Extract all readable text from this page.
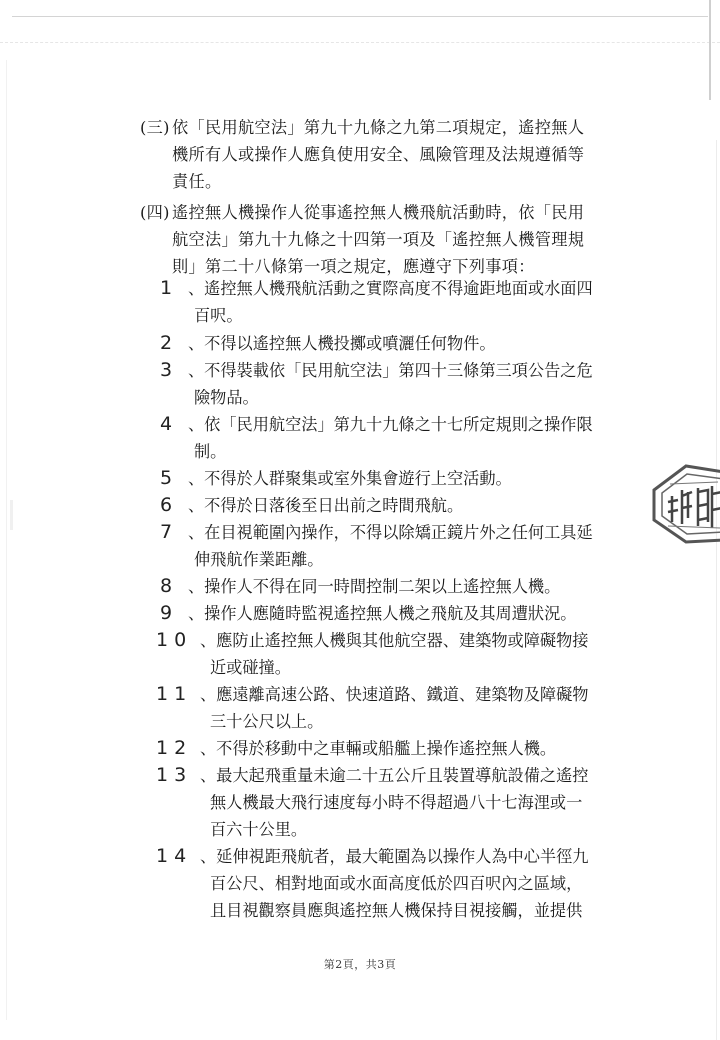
(三) 依「民用航空法」第九十九條之九第二項規定，遙控無人
機所有人或操作人應負使用安全、風險管理及法規遵循等
責任。
(四) 遙控無人機操作人從事遙控無人機飛航活動時，依「民用
航空法」第九十九條之十四第一項及「遙控無人機管理規
則」第二十八條第一項之規定，應遵守下列事項：
1 、遙控無人機飛航活動之實際高度不得逾距地面或水面四
百呎。
2 、不得以遙控無人機投擲或噴灑任何物件。
3 、不得裝載依「民用航空法」第四十三條第三項公告之危
險物品。
4 、依「民用航空法」第九十九條之十七所定規則之操作限
制。
5 、不得於人群聚集或室外集會遊行上空活動。
6 、不得於日落後至日出前之時間飛航。
7 、在目視範圍內操作，不得以除矯正鏡片外之任何工具延
伸飛航作業距離。
8 、操作人不得在同一時間控制二架以上遙控無人機。
9 、操作人應隨時監視遙控無人機之飛航及其周遭狀況。
10 、應防止遙控無人機與其他航空器、建築物或障礙物接
近或碰撞。
11 、應遠離高速公路、快速道路、鐵道、建築物及障礙物
三十公尺以上。
12 、不得於移動中之車輛或船艦上操作遙控無人機。
13 、最大起飛重量未逾二十五公斤且裝置導航設備之遙控
無人機最大飛行速度每小時不得超過八十七海浬或一
百六十公里。
14 、延伸視距飛航者，最大範圍為以操作人為中心半徑九
百公尺、相對地面或水面高度低於四百呎內之區域，
且目視觀察員應與遙控無人機保持目視接觸，並提供
第2頁，共3頁
